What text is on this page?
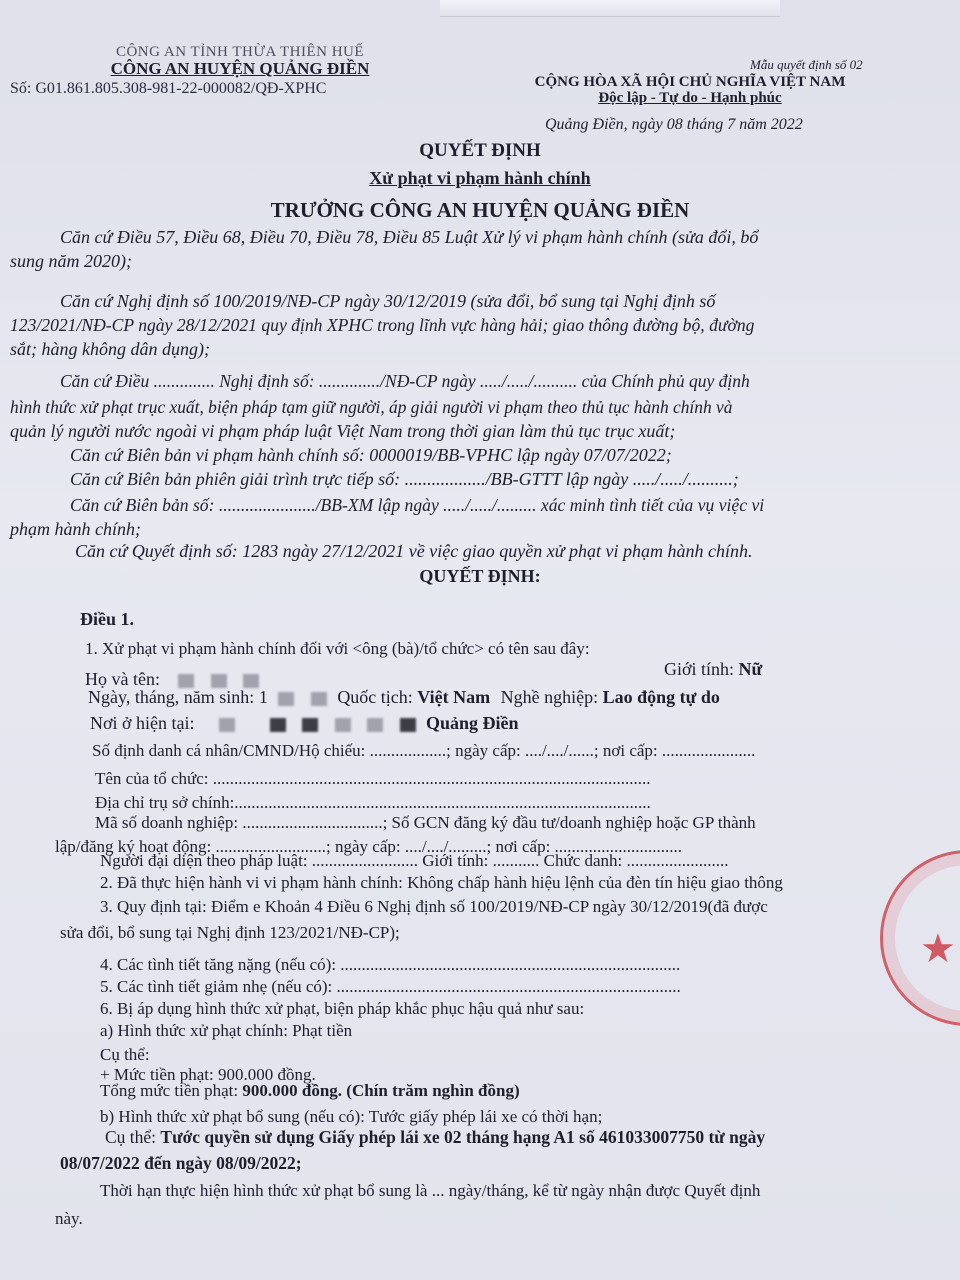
CÔNG AN TỈNH THỪA THIÊN HUẾ
CÔNG AN HUYỆN QUẢNG ĐIỀN
Số: G01.861.805.308-981-22-000082/QĐ-XPHC
Mẫu quyết định số 02
CỘNG HÒA XÃ HỘI CHỦ NGHĨA VIỆT NAM
Độc lập - Tự do - Hạnh phúc
Quảng Điền, ngày 08 tháng 7 năm 2022
QUYẾT ĐỊNH
Xử phạt vi phạm hành chính
TRƯỞNG CÔNG AN HUYỆN QUẢNG ĐIỀN
Căn cứ Điều 57, Điều 68, Điều 70, Điều 78, Điều 85 Luật Xử lý vi phạm hành chính (sửa đổi, bổ
sung năm 2020);
Căn cứ Nghị định số 100/2019/NĐ-CP ngày 30/12/2019 (sửa đổi, bổ sung tại Nghị định số
123/2021/NĐ-CP ngày 28/12/2021 quy định XPHC trong lĩnh vực hàng hải; giao thông đường bộ, đường
sắt; hàng không dân dụng);
Căn cứ Điều .............. Nghị định số: ............../NĐ-CP ngày ...../...../.......... của Chính phủ quy định
hình thức xử phạt trục xuất, biện pháp tạm giữ người, áp giải người vi phạm theo thủ tục hành chính và
quản lý người nước ngoài vi phạm pháp luật Việt Nam trong thời gian làm thủ tục trục xuất;
Căn cứ Biên bản vi phạm hành chính số: 0000019/BB-VPHC lập ngày 07/07/2022;
Căn cứ Biên bản phiên giải trình trực tiếp số: ................../BB-GTTT lập ngày ...../...../..........;
Căn cứ Biên bản số: ....................../BB-XM lập ngày ...../...../......... xác minh tình tiết của vụ việc vi
phạm hành chính;
Căn cứ Quyết định số: 1283 ngày 27/12/2021 về việc giao quyền xử phạt vi phạm hành chính.
QUYẾT ĐỊNH:
Điều 1.
1. Xử phạt vi phạm hành chính đối với <ông (bà)/tổ chức> có tên sau đây:
Họ và tên:	Giới tính: Nữ
Ngày, tháng, năm sinh: 1	Quốc tịch: Việt Nam Nghề nghiệp: Lao động tự do
Nơi ở hiện tại:	Quảng Điền
Số định danh cá nhân/CMND/Hộ chiếu: ..................; ngày cấp: ..../..../......; nơi cấp: ......................
Tên của tổ chức: .......................................................................................................
Địa chỉ trụ sở chính:..................................................................................................
Mã số doanh nghiệp: .................................; Số GCN đăng ký đầu tư/doanh nghiệp hoặc GP thành
lập/đăng ký hoạt động: ..........................; ngày cấp: ..../..../.........; nơi cấp: ..............................
Người đại diện theo pháp luật: ......................... Giới tính: ........... Chức danh: ........................
2. Đã thực hiện hành vi vi phạm hành chính: Không chấp hành hiệu lệnh của đèn tín hiệu giao thông
3. Quy định tại: Điểm e Khoản 4 Điều 6 Nghị định số 100/2019/NĐ-CP ngày 30/12/2019(đã được
sửa đổi, bổ sung tại Nghị định 123/2021/NĐ-CP);
4. Các tình tiết tăng nặng (nếu có): ................................................................................
5. Các tình tiết giảm nhẹ (nếu có): .................................................................................
6. Bị áp dụng hình thức xử phạt, biện pháp khắc phục hậu quả như sau:
a) Hình thức xử phạt chính: Phạt tiền
Cụ thể:
+ Mức tiền phạt: 900.000 đồng.
Tổng mức tiền phạt: 900.000 đồng. (Chín trăm nghìn đồng)
b) Hình thức xử phạt bổ sung (nếu có): Tước giấy phép lái xe có thời hạn;
Cụ thể: Tước quyền sử dụng Giấy phép lái xe 02 tháng hạng A1 số 461033007750 từ ngày
08/07/2022 đến ngày 08/09/2022;
Thời hạn thực hiện hình thức xử phạt bổ sung là ... ngày/tháng, kể từ ngày nhận được Quyết định
này.
★
